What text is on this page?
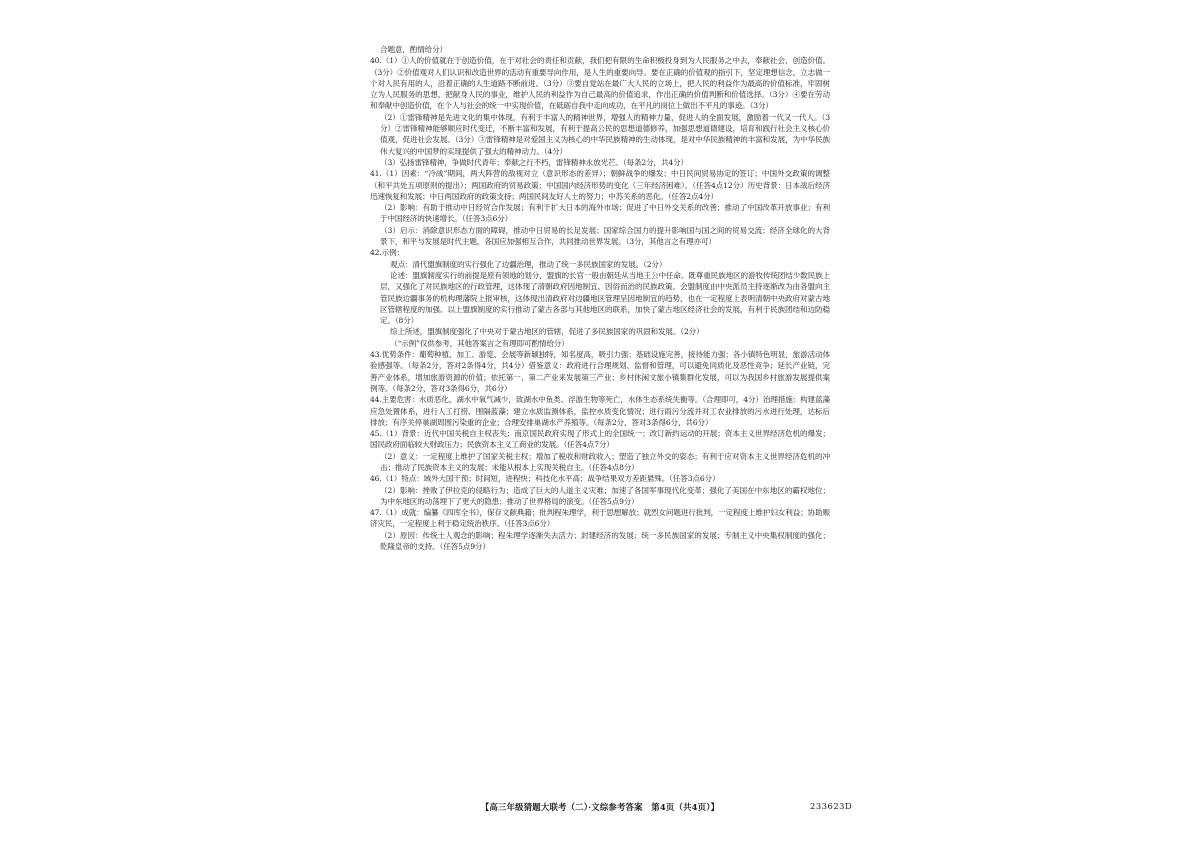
合题意，酌情给分）

40.（1）①人的价值就在于创造价值，在于对社会的责任和贡献，我们把有限的生命积极投身到为人民服务之中去，奉献社会，创造价值。（3分）②价值观对人们认识和改造世界的活动有重要导向作用，是人生的重要向导。要在正确的价值观的指引下，坚定理想信念，立志做一个对人民有用的人，沿着正确的人生道路不断前进。（3分）③要自觉站在最广大人民的立场上，把人民的利益作为最高的价值标准，牢固树立为人民服务的思想，把献身人民的事业，维护人民的利益作为自己最高的价值追求，作出正确的价值判断和价值选择。（3分）④要在劳动和奉献中创造价值，在个人与社会的统一中实现价值，在砥砺自我中走向成功，在平凡的岗位上做出不平凡的事迹。（3分）

（2）①雷锋精神是先进文化的集中体现，有利于丰富人的精神世界，增强人的精神力量，促进人的全面发展，激励着一代又一代人。（3分）②雷锋精神能够顺应时代变迁，不断丰富和发展，有利于提高公民的思想道德修养，加强思想道德建设，培育和践行社会主义核心价值观，促进社会发展。（3分）③雷锋精神是对爱国主义为核心的中华民族精神的生动体现，是对中华民族精神的丰富和发展，为中华民族伟大复兴的中国梦的实现提供了强大的精神动力。（4分）

（3）弘扬雷锋精神，争做时代青年；奉献之行不朽，雷锋精神永放光芒。（每条2分，共4分）

41.（1）因素：“冷战”期间，两大阵营的敌视对立（意识形态的差异）；朝鲜战争的爆发；中日民间贸易协定的签订；中国外交政策的调整（和平共处五项原则的提出）；两国政府的贸易政策；中国国内经济形势的变化（三年经济困难）。（任答4点12分）历史背景：日本战后经济迅速恢复和发展；中日两国政府的政策支持；两国民间友好人士的努力；中苏关系的恶化。（任答2点4分）

（2）影响：有助于推动中日经贸合作发展；有利于扩大日本的海外市场；促进了中日外交关系的改善；推动了中国改革开放事业；有利于中国经济的快速增长。（任答3点6分）

（3）启示：消除意识形态方面的障碍，推动中日贸易的长足发展；国家综合国力的提升影响国与国之间的贸易交流；经济全球化的大背景下，和平与发展是时代主题，各国应加强相互合作，共同推动世界发展。（3分，其他言之有理亦可）

42.示例：

观点：清代盟旗制度的实行强化了边疆治理，推动了统一多民族国家的发展。（2分）

论述：盟旗制度实行的前提是原有领地的划分，盟旗的长官一般由朝廷从当地王公中任命。既尊重民族地区的游牧传统团结少数民族上层，又强化了对民族地区的行政管理，这体现了清朝政府因地制宜、因俗而治的民族政策。会盟制度由中央派员主持逐渐改为由各盟向主管民族边疆事务的机构理藩院上报审核，这体现出清政府对边疆地区管理呈因地制宜的趋势，也在一定程度上表明清朝中央政府对蒙古地区管辖程度的加强。以上盟旗制度的实行推动了蒙古各部与其他地区的联系，加快了蒙古地区经济社会的发展，有利于民族团结和边防稳定。（8分）

综上所述，盟旗制度强化了中央对于蒙古地区的管辖，促进了多民族国家的巩固和发展。（2分）

（“示例”仅供参考，其他答案言之有理即可酌情给分）

43.优势条件：葡萄种植、加工、游览、会展等新颖独特，知名度高，吸引力强；基础设施完善，接待能力强；各小镇特色明显，旅游活动体验感强等。（每条2分，答对2条得4分，共4分）借鉴意义：政府进行合理规划、监督和管理，可以避免同质化及恶性竞争；延长产业链，完善产业体系，增加旅游资源的价值；依托第一、第二产业来发展第三产业；乡村休闲文旅小镇集群化发展，可以为我国乡村旅游发展提供案例等。（每条2分，答对3条得6分，共6分）

44.主要危害：水质恶化，湖水中氧气减少，致湖水中鱼类、浮游生物等死亡，水体生态系统失衡等。（合理即可，4分）治理措施：构建蓝藻应急处置体系，进行人工打捞、围隔蓝藻；建立水质监测体系，监控水质变化情况；进行雨污分流并对工农业排放的污水进行处理，达标后排放；有序关停巢湖周围污染重的企业；合理安排巢湖水产养殖等。（每条2分，答对3条得6分，共6分）

45.（1）背景：近代中国关税自主权丧失；南京国民政府实现了形式上的全国统一；改订新约运动的开展；资本主义世界经济危机的爆发；国民政府面临较大财政压力；民族资本主义工商业的发展。（任答4点7分）

（2）意义：一定程度上维护了国家关税主权；增加了税收和财政收入；塑造了独立外交的姿态；有利于应对资本主义世界经济危机的冲击；推动了民族资本主义的发展；未能从根本上实现关税自主。（任答4点8分）

46.（1）特点：域外大国干预；时间短，进程快；科技化水平高；战争结果双方差距悬殊。（任答3点6分）

（2）影响：挫败了伊拉克的侵略行为；造成了巨大的人道主义灾难；加速了各国军事现代化变革；强化了美国在中东地区的霸权地位；为中东地区的动荡埋下了更大的隐患；推动了世界格局的演变。（任答5点9分）

47.（1）成就：编纂《四库全书》，保存文献典籍；批判程朱理学，利于思想解放；就烈女问题进行批判，一定程度上维护妇女利益；协助赈济灾民，一定程度上利于稳定统治秩序。（任答3点6分）

（2）原因：传统士人观念的影响；程朱理学逐渐失去活力；封建经济的发展；统一多民族国家的发展；专制主义中央集权制度的强化；乾隆皇帝的支持。（任答5点9分）

【高三年级猜题大联考（二）·文综参考答案　第4页（共4页）】	233623D
